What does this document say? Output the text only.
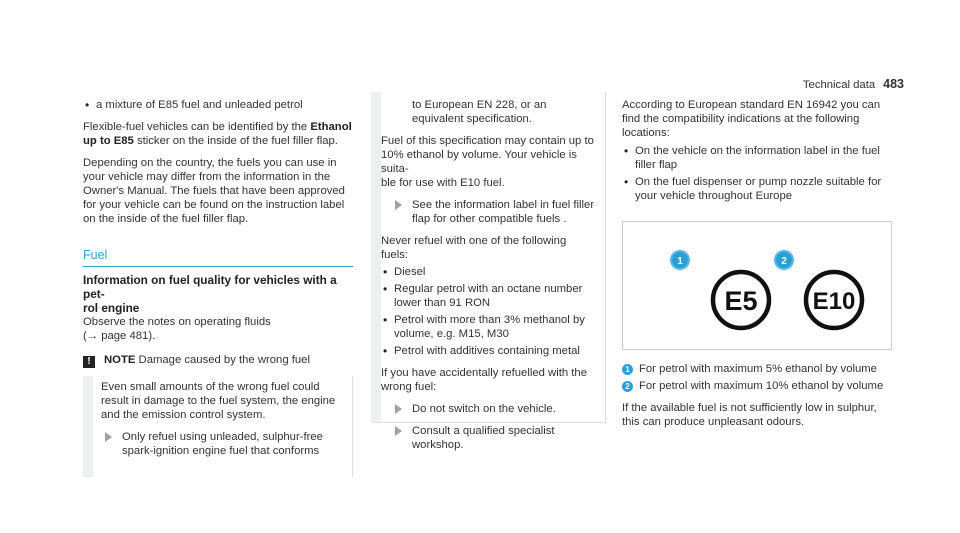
Technical data 483
• a mixture of E85 fuel and unleaded petrol

Flexible-fuel vehicles can be identified by the Ethanol up to E85 sticker on the inside of the fuel filler flap.

Depending on the country, the fuels you can use in your vehicle may differ from the information in the Owner's Manual. The fuels that have been approved for your vehicle can be found on the instruction label on the inside of the fuel filler flap.

Fuel
Information on fuel quality for vehicles with a pet-
rol engine
Observe the notes on operating fluids
(→ page 481).
! NOTE Damage caused by the wrong fuel

Even small amounts of the wrong fuel could result in damage to the fuel system, the engine and the emission control system.

Only refuel using unleaded, sulphur-free spark-ignition engine fuel that conforms
to European EN 228, or an equivalent specification.

Fuel of this specification may contain up to
10% ethanol by volume. Your vehicle is suita-
ble for use with E10 fuel.

See the information label in fuel filler flap for other compatible fuels .

Never refuel with one of the following fuels:

• Diesel
• Regular petrol with an octane number lower than 91 RON
• Petrol with more than 3% methanol by volume, e.g. M15, M30
• Petrol with additives containing metal

If you have accidentally refuelled with the wrong fuel:

Do not switch on the vehicle.
Consult a qualified specialist workshop.

According to European standard EN 16942 you can find the compatibility indications at the following locations:

• On the vehicle on the information label in the fuel filler flap
• On the fuel dispenser or pump nozzle suitable for your vehicle throughout Europe
1	2
E5 E10
1 For petrol with maximum 5% ethanol by volume
2 For petrol with maximum 10% ethanol by volume

If the available fuel is not sufficiently low in sulphur, this can produce unpleasant odours.
